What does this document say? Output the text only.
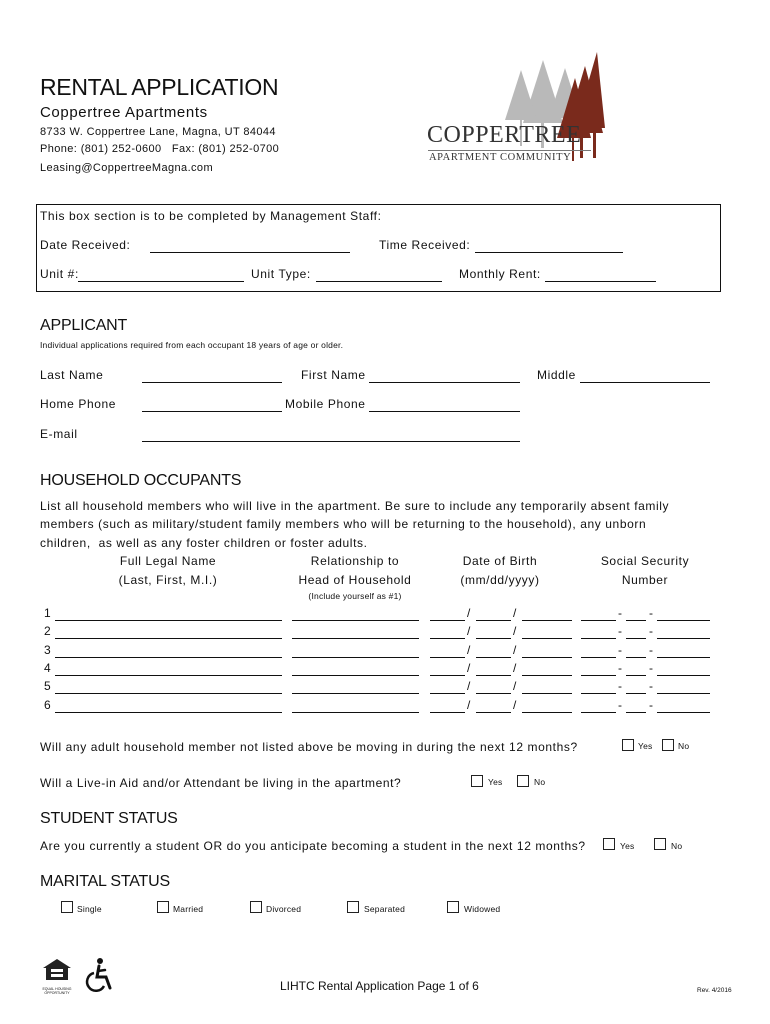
RENTAL APPLICATION
Coppertree Apartments
8733 W. Coppertree Lane, Magna, UT 84044
Phone: (801) 252-0600   Fax: (801) 252-0700
Leasing@CoppertreeMagna.com
COPPERTREE
APARTMENT COMMUNITY
This box section is to be completed by Management Staff:
Date Received:	Time Received:
Unit #:	Unit Type:	Monthly Rent:
APPLICANT
Individual applications required from each occupant 18 years of age or older.
Last Name	First Name	Middle
Home Phone	Mobile Phone
E-mail
HOUSEHOLD OCCUPANTS
List all household members who will live in the apartment. Be sure to include any temporarily absent family
members (such as military/student family members who will be returning to the household), any unborn
children,  as well as any foster children or foster adults.
Full Legal Name
(Last, First, M.I.)
Relationship to
Head of Household
(Include yourself as #1)
Date of Birth
(mm/dd/yyyy)
Social Security
Number
1	/	/	- -
2	/	/	- -
3	/	/	- -
4	/	/	- -
5	/	/	- -
6	/	/	- -
Will any adult household member not listed above be moving in during the next 12 months?	Yes	No
Will a Live-in Aid and/or Attendant be living in the apartment?	Yes	No
STUDENT STATUS
Are you currently a student OR do you anticipate becoming a student in the next 12 months?	Yes	No
MARITAL STATUS
Single	Married	Divorced	Separated	Widowed
EQUAL HOUSING OPPORTUNITY	LIHTC Rental Application Page 1 of 6	Rev. 4/2016
